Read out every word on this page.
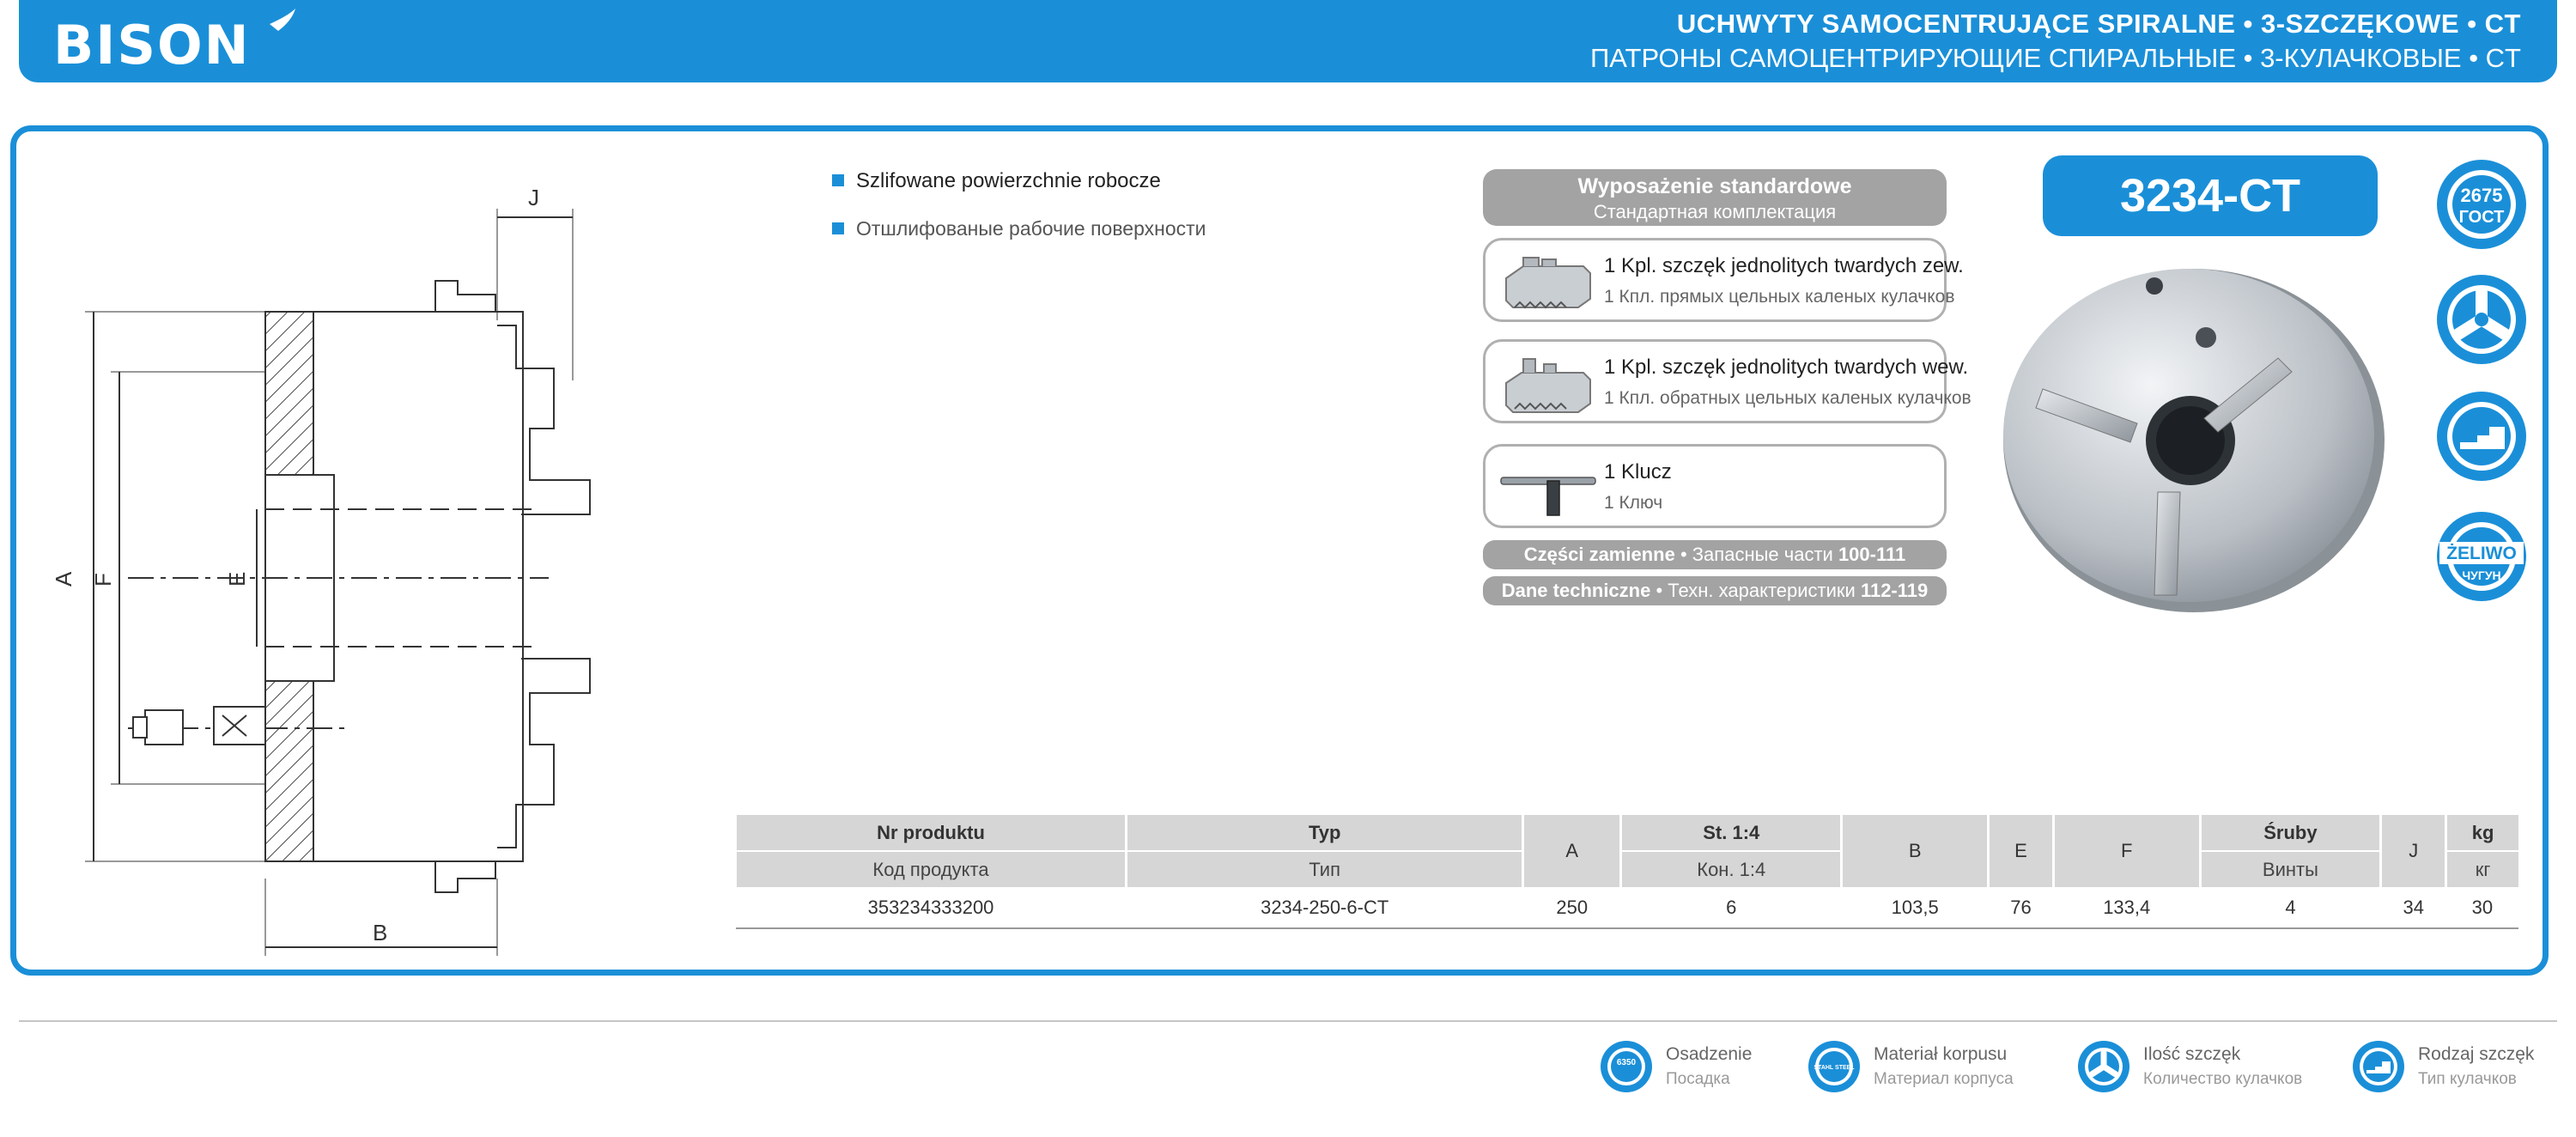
BISON	UCHWYTY SAMOCENTRUJĄCE SPIRALNE • 3-SZCZĘKOWE • CT
ПАТРОНЫ САМОЦЕНТРИРУЮЩИЕ СПИРАЛЬНЫЕ • 3-КУЛАЧКОВЫЕ • CT
A F	E
B
J
Szlifowane powierzchnie robocze
Отшлифованые рабочие поверхности
Wyposażenie standardowe
Стандартная комплектация
1 Kpl. szczęk jednolitych twardych zew.
1 Кпл. прямых цельных каленых кулачков
1 Kpl. szczęk jednolitych twardych wew.
1 Кпл. обратных цельных каленых кулачков
1 Klucz
1 Ключ
Części zamienne • Запасные части 100-111
Dane techniczne • Техн. характеристики 112-119
3234-CT	2675
ГОСТ
ŻELIWO
ЧУГУН
Nr produktu	Typ	A	St. 1:4	B	E	F	Śruby	J	kg
Код продукта	Тип		Кон. 1:4				Винты		кг
353234333200	3234-250-6-CT	250	6	103,5	76	133,4	4	34	30
6350 Osadzenie
Посадка
STAHL STEEL
Materiał korpusu
Материал корпуса
Ilość szczęk
Количество кулачков
Rodzaj szczęk
Тип кулачков
